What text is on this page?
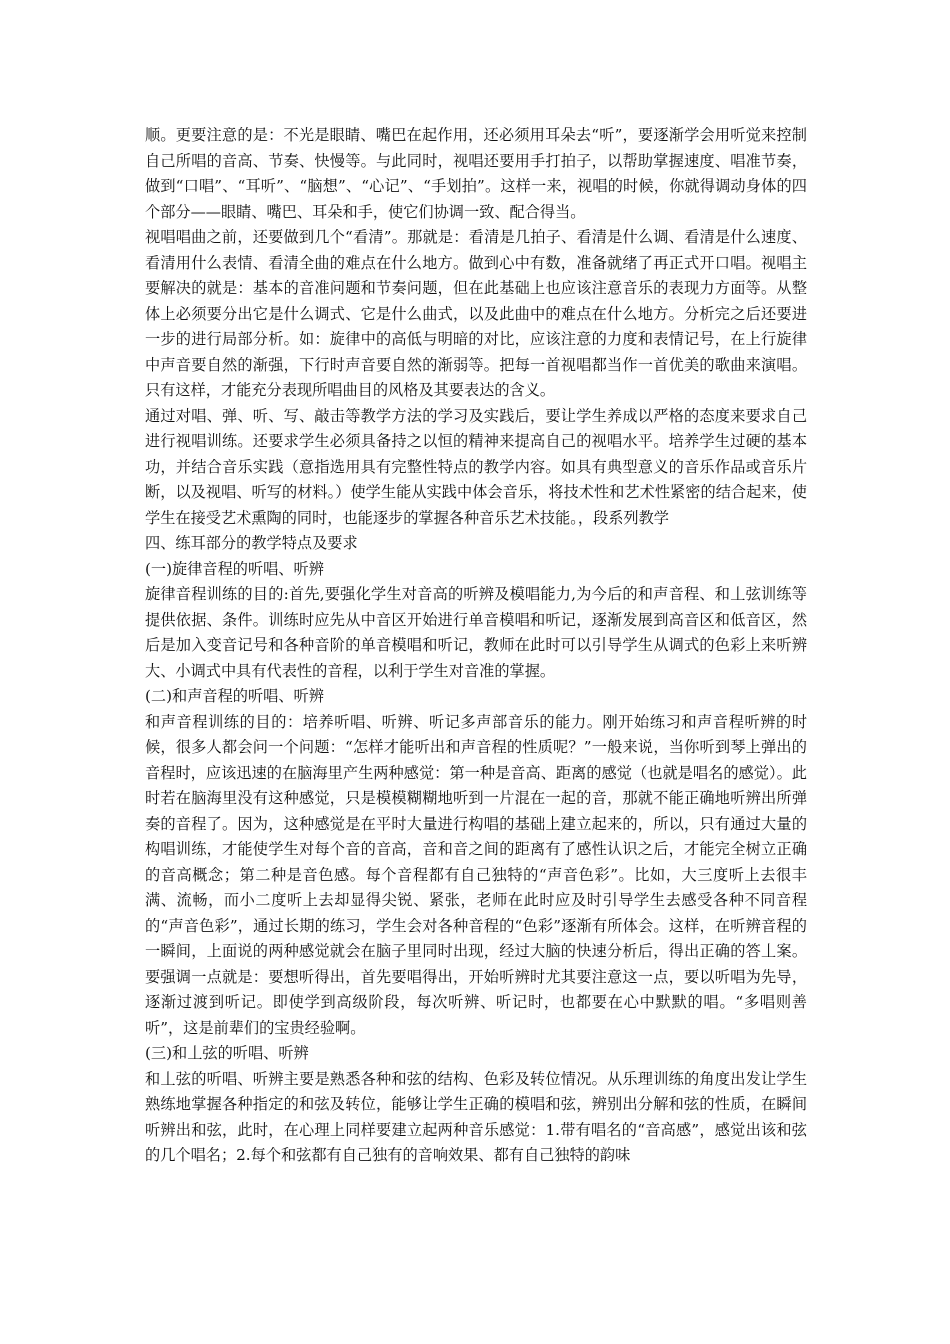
顺。更要注意的是：不光是眼睛、嘴巴在起作用，还必须用耳朵去“听”，要逐渐学会用听觉来控制自己所唱的音高、节奏、快慢等。与此同时，视唱还要用手打拍子，以帮助掌握速度、唱准节奏，做到“口唱”、“耳听”、“脑想”、“心记”、“手划拍”。这样一来，视唱的时候，你就得调动身体的四个部分——眼睛、嘴巴、耳朵和手，使它们协调一致、配合得当。

视唱唱曲之前，还要做到几个“看清”。那就是：看清是几拍子、看清是什么调、看清是什么速度、看清用什么表情、看清全曲的难点在什么地方。做到心中有数，准备就绪了再正式开口唱。视唱主要解决的就是：基本的音准问题和节奏问题，但在此基础上也应该注意音乐的表现力方面等。从整体上必须要分出它是什么调式、它是什么曲式，以及此曲中的难点在什么地方。分析完之后还要进一步的进行局部分析。如：旋律中的高低与明暗的对比，应该注意的力度和表情记号，在上行旋律中声音要自然的渐强，下行时声音要自然的渐弱等。把每一首视唱都当作一首优美的歌曲来演唱。只有这样，才能充分表现所唱曲目的风格及其要表达的含义。

通过对唱、弹、听、写、敲击等教学方法的学习及实践后，要让学生养成以严格的态度来要求自己进行视唱训练。还要求学生必须具备持之以恒的精神来提高自己的视唱水平。培养学生过硬的基本功，并结合音乐实践（意指选用具有完整性特点的教学内容。如具有典型意义的音乐作品或音乐片断，以及视唱、听写的材料。）使学生能从实践中体会音乐，将技术性和艺术性紧密的结合起来，使学生在接受艺术熏陶的同时，也能逐步的掌握各种音乐艺术技能。，段系列教学

四、练耳部分的教学特点及要求

(一)旋律音程的听唱、听辨

旋律音程训练的目的:首先,要强化学生对音高的听辨及模唱能力,为今后的和声音程、和丄弦训练等提供依据、条件。训练时应先从中音区开始进行单音模唱和听记，逐渐发展到高音区和低音区，然后是加入变音记号和各种音阶的单音模唱和听记，教师在此时可以引导学生从调式的色彩上来听辨大、小调式中具有代表性的音程，以利于学生对音准的掌握。

(二)和声音程的听唱、听辨

和声音程训练的目的：培养听唱、听辨、听记多声部音乐的能力。刚开始练习和声音程听辨的时候，很多人都会问一个问题：“怎样才能听出和声音程的性质呢？”一般来说，当你听到琴上弹出的音程时，应该迅速的在脑海里产生两种感觉：第一种是音高、距离的感觉（也就是唱名的感觉）。此时若在脑海里没有这种感觉，只是模模糊糊地听到一片混在一起的音，那就不能正确地听辨出所弹奏的音程了。因为，这种感觉是在平时大量进行构唱的基础上建立起来的，所以，只有通过大量的构唱训练，才能使学生对每个音的音高，音和音之间的距离有了感性认识之后，才能完全树立正确的音高概念；第二种是音色感。每个音程都有自己独特的“声音色彩”。比如，大三度听上去很丰满、流畅，而小二度听上去却显得尖锐、紧张，老师在此时应及时引导学生去感受各种不同音程的“声音色彩”，通过长期的练习，学生会对各种音程的“色彩”逐渐有所体会。这样，在听辨音程的一瞬间，上面说的两种感觉就会在脑子里同时出现，经过大脑的快速分析后，得出正确的答丄案。要强调一点就是：要想听得出，首先要唱得出，开始听辨时尤其要注意这一点，要以听唱为先导，逐渐过渡到听记。即使学到高级阶段，每次听辨、听记时，也都要在心中默默的唱。“多唱则善听”，这是前辈们的宝贵经验啊。

(三)和丄弦的听唱、听辨

和丄弦的听唱、听辨主要是熟悉各种和弦的结构、色彩及转位情况。从乐理训练的角度出发让学生熟练地掌握各种指定的和弦及转位，能够让学生正确的模唱和弦，辨别出分解和弦的性质，在瞬间听辨出和弦，此时，在心理上同样要建立起两种音乐感觉：1.带有唱名的“音高感”，感觉出该和弦的几个唱名；2.每个和弦都有自己独有的音响效果、都有自己独特的韵味
